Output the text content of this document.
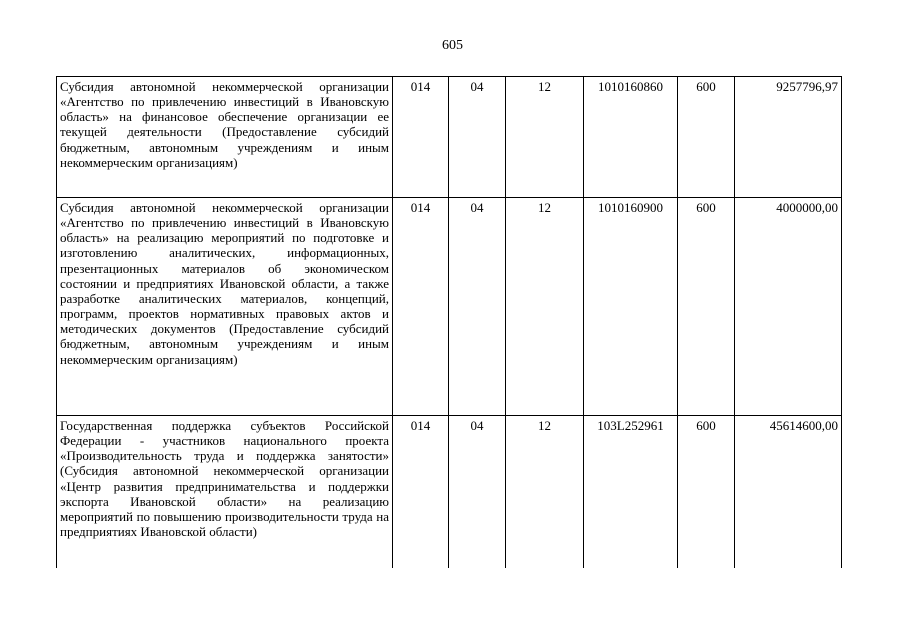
605
Субсидия автономной некоммерческой организации «Агентство по привлечению инвестиций в Ивановскую область» на финансовое обеспечение организации ее текущей деятельности (Предоставление субсидий бюджетным, автономным учреждениям и иным некоммерческим организациям)	014	04	12	1010160860	600	9257796,97
Субсидия автономной некоммерческой организации «Агентство по привлечению инвестиций в Ивановскую область» на реализацию мероприятий по подготовке и изготовлению аналитических, информационных, презентационных материалов об экономическом состоянии и предприятиях Ивановской области, а также разработке аналитических материалов, концепций, программ, проектов нормативных правовых актов и методических документов (Предоставление субсидий бюджетным, автономным учреждениям и иным некоммерческим организациям)	014	04	12	1010160900	600	4000000,00
Государственная поддержка субъектов Российской Федерации - участников национального проекта «Производительность труда и поддержка занятости» (Субсидия автономной некоммерческой организации «Центр развития предпринимательства и поддержки экспорта Ивановской области» на реализацию мероприятий по повышению производительности труда на предприятиях Ивановской области)	014	04	12	103L252961	600	45614600,00
